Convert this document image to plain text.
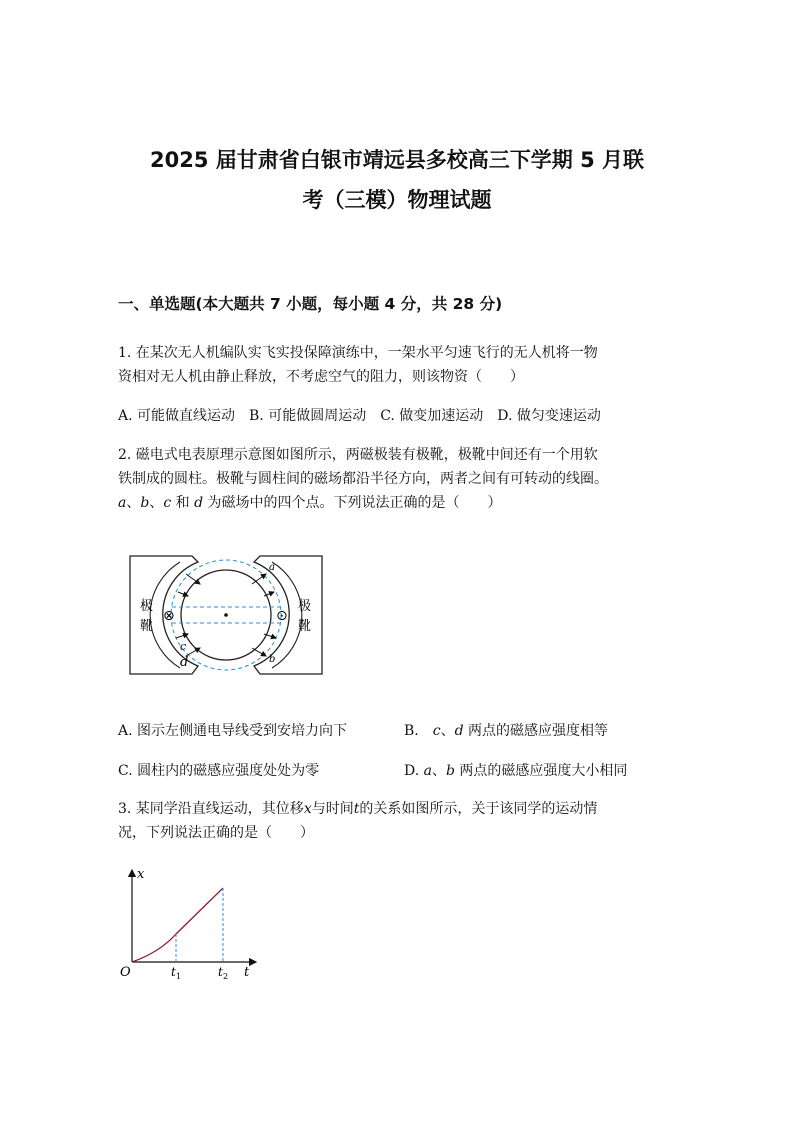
2025 届甘肃省白银市靖远县多校高三下学期 5 月联
考（三模）物理试题
一、单选题(本大题共 7 小题，每小题 4 分，共 28 分)
1. 在某次无人机编队实飞实投保障演练中，一架水平匀速飞行的无人机将一物
资相对无人机由静止释放，不考虑空气的阻力，则该物资（　　）
A. 可能做直线运动　B. 可能做圆周运动　C. 做变加速运动　D. 做匀变速运动
2. 磁电式电表原理示意图如图所示，两磁极装有极靴，极靴中间还有一个用软
铁制成的圆柱。极靴与圆柱间的磁场都沿半径方向，两者之间有可转动的线圈。
a、b、c 和 d 为磁场中的四个点。下列说法正确的是（　　）
极
靴
极
靴
⊗	⊙
a
b
c
d
A. 图示左侧通电导线受到安培力向下	B.　c、d 两点的磁感应强度相等
C. 圆柱内的磁感应强度处处为零	D. a、b 两点的磁感应强度大小相同
3. 某同学沿直线运动，其位移x与时间t的关系如图所示，关于该同学的运动情
况，下列说法正确的是（　　）
x
t
O	t 1	t 2
